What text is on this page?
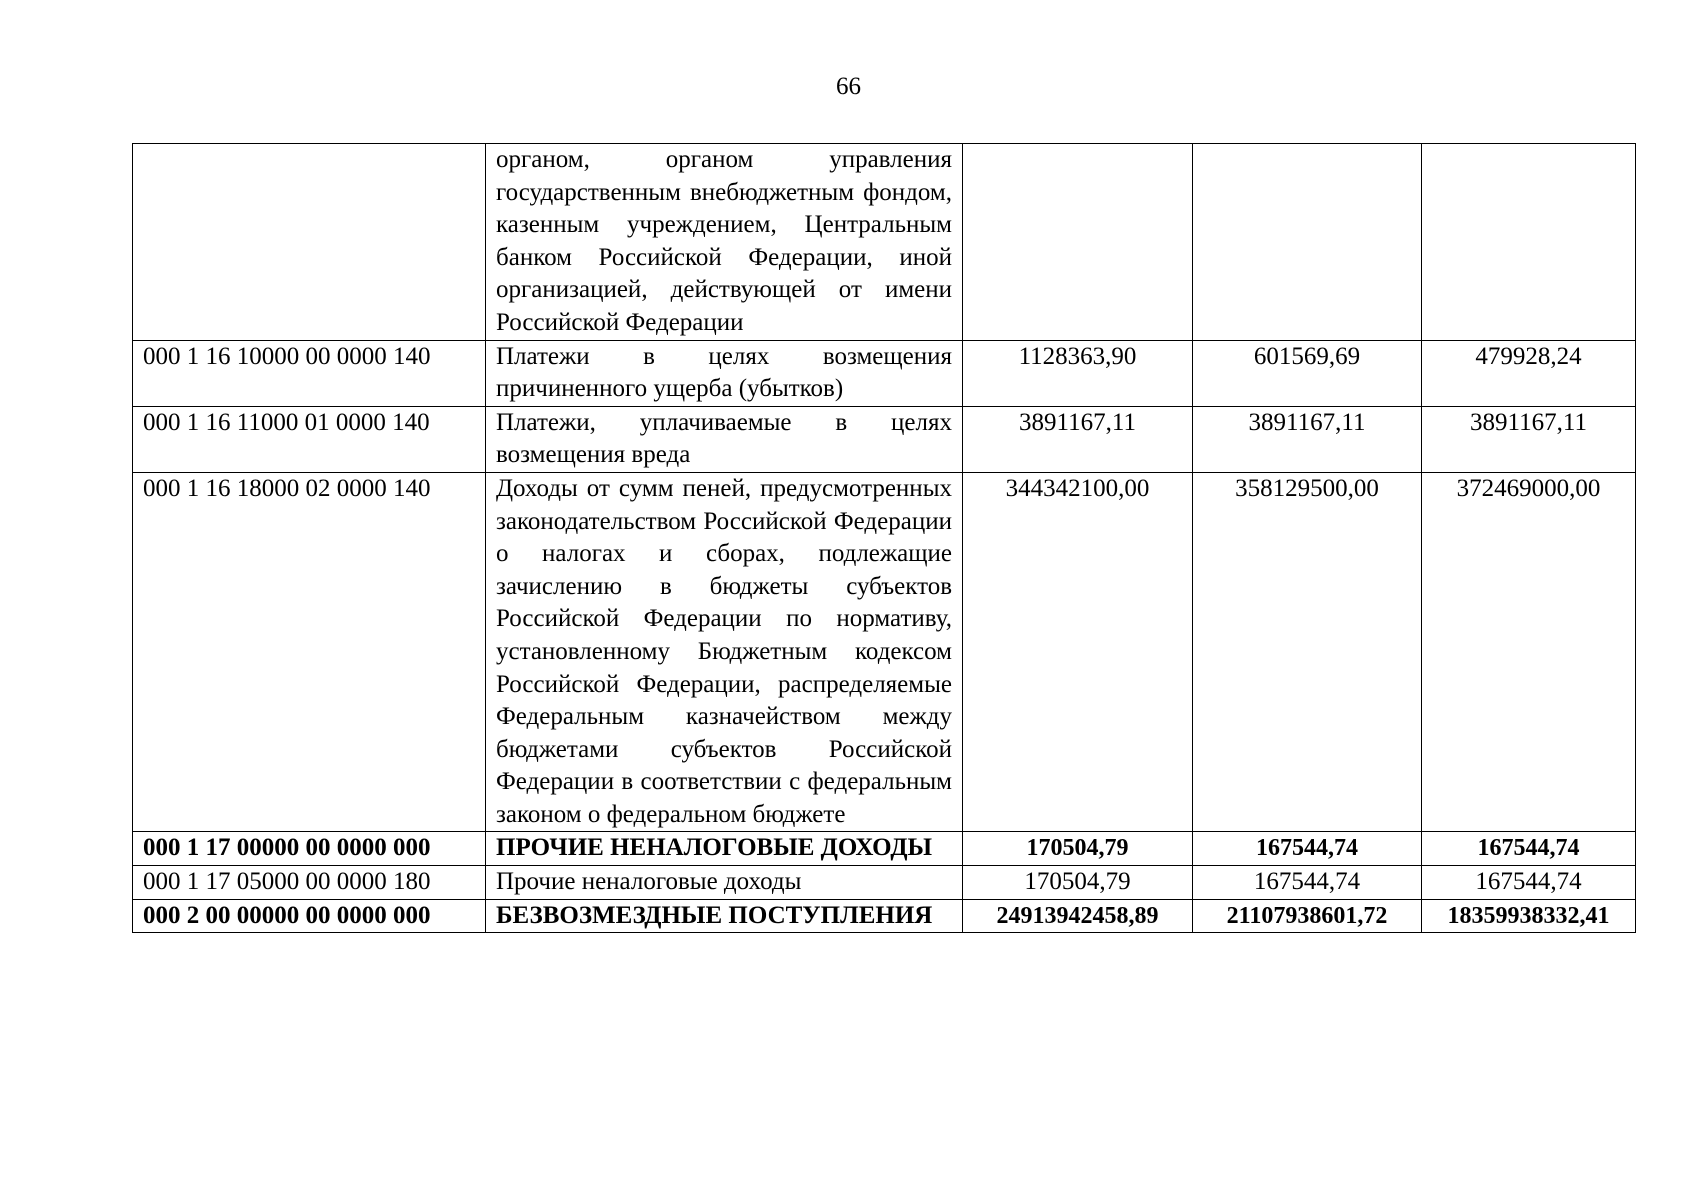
66
	органом, органом управления государственным внебюджетным фондом, казенным учреждением, Центральным банком Российской Федерации, иной организацией, действующей от имени Российской Федерации			
000 1 16 10000 00 0000 140	Платежи в целях возмещения причиненного ущерба (убытков)	1128363,90	601569,69	479928,24
000 1 16 11000 01 0000 140	Платежи, уплачиваемые в целях возмещения вреда	3891167,11	3891167,11	3891167,11
000 1 16 18000 02 0000 140	Доходы от сумм пеней, предусмотренных законодательством Российской Федерации о налогах и сборах, подлежащие зачислению в бюджеты субъектов Российской Федерации по нормативу, установленному Бюджетным кодексом Российской Федерации, распределяемые Федеральным казначейством между бюджетами субъектов Российской Федерации в соответствии с федеральным законом о федеральном бюджете	344342100,00	358129500,00	372469000,00
000 1 17 00000 00 0000 000	ПРОЧИЕ НЕНАЛОГОВЫЕ ДОХОДЫ	170504,79	167544,74	167544,74
000 1 17 05000 00 0000 180	Прочие неналоговые доходы	170504,79	167544,74	167544,74
000 2 00 00000 00 0000 000	БЕЗВОЗМЕЗДНЫЕ ПОСТУПЛЕНИЯ	24913942458,89	21107938601,72	18359938332,41
